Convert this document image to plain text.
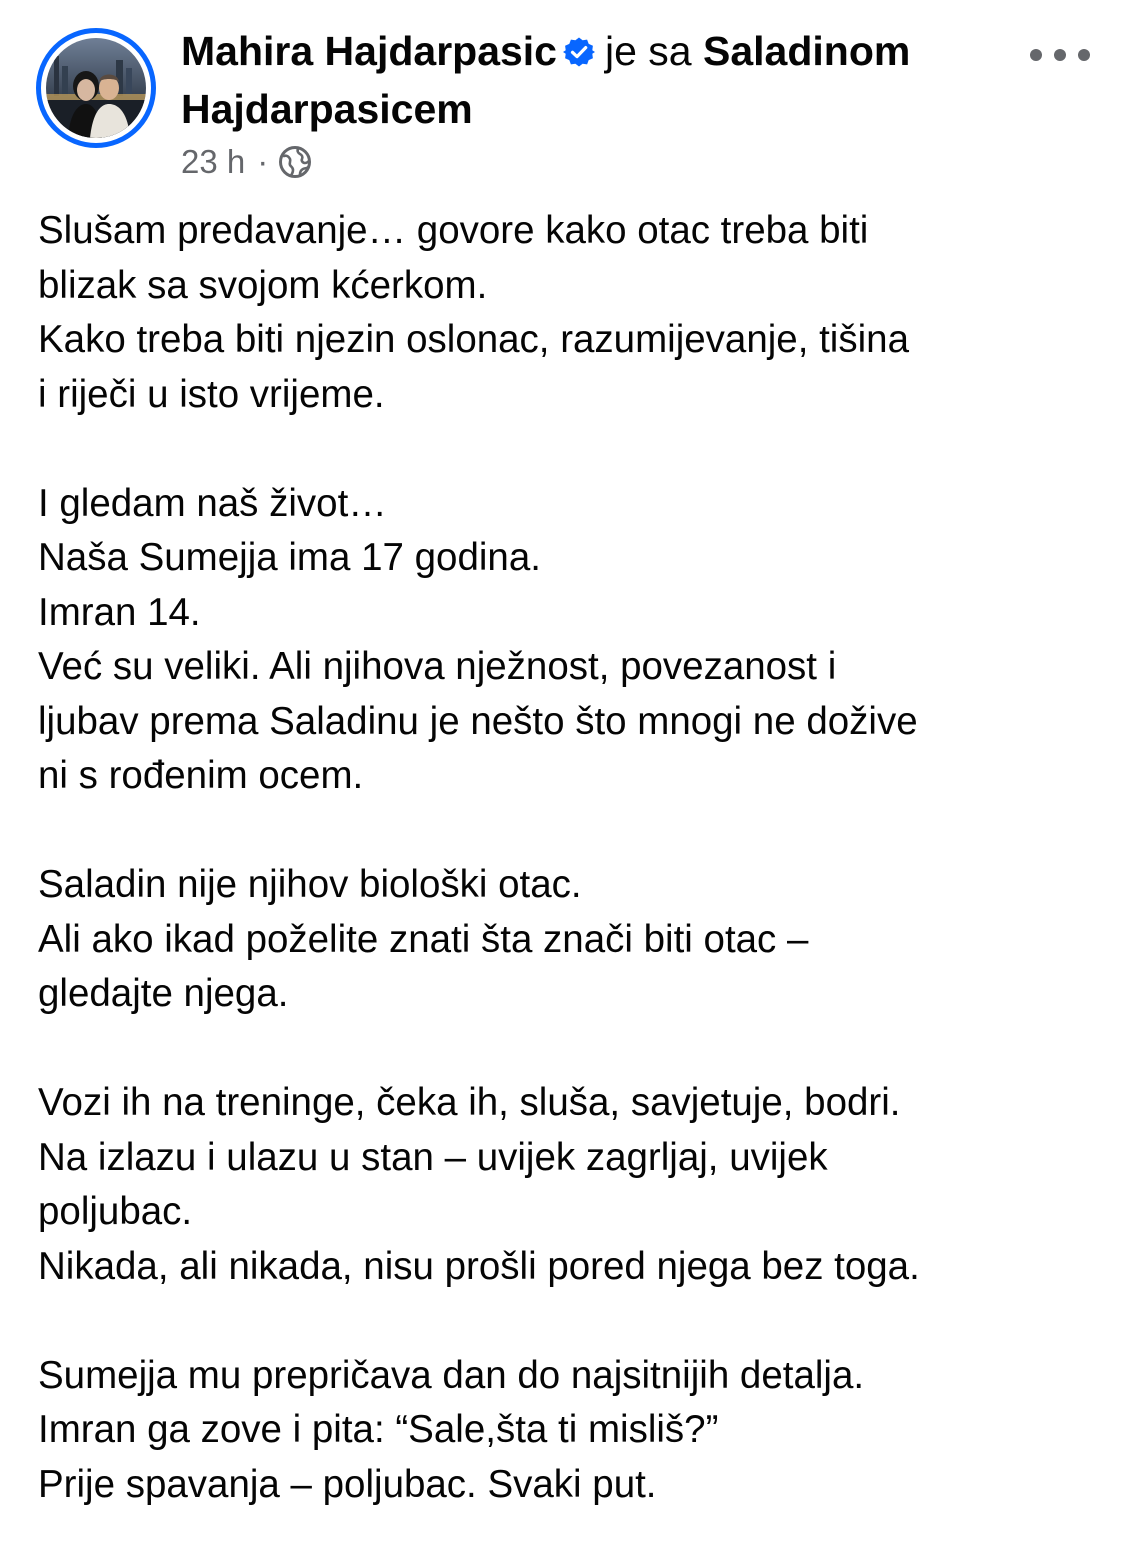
Mahira Hajdarpasic je sa Saladinom
Hajdarpasicem
23 h ·
Slušam predavanje… govore kako otac treba biti
blizak sa svojom kćerkom.
Kako treba biti njezin oslonac, razumijevanje, tišina
i riječi u isto vrijeme.
I gledam naš život…
Naša Sumejja ima 17 godina.
Imran 14.
Već su veliki. Ali njihova nježnost, povezanost i
ljubav prema Saladinu je nešto što mnogi ne dožive
ni s rođenim ocem.
Saladin nije njihov biološki otac.
Ali ako ikad poželite znati šta znači biti otac –
gledajte njega.
Vozi ih na treninge, čeka ih, sluša, savjetuje, bodri.
Na izlazu i ulazu u stan – uvijek zagrljaj, uvijek
poljubac.
Nikada, ali nikada, nisu prošli pored njega bez toga.
Sumejja mu prepričava dan do najsitnijih detalja.
Imran ga zove i pita: “Sale,šta ti misliš?”
Prije spavanja – poljubac. Svaki put.
